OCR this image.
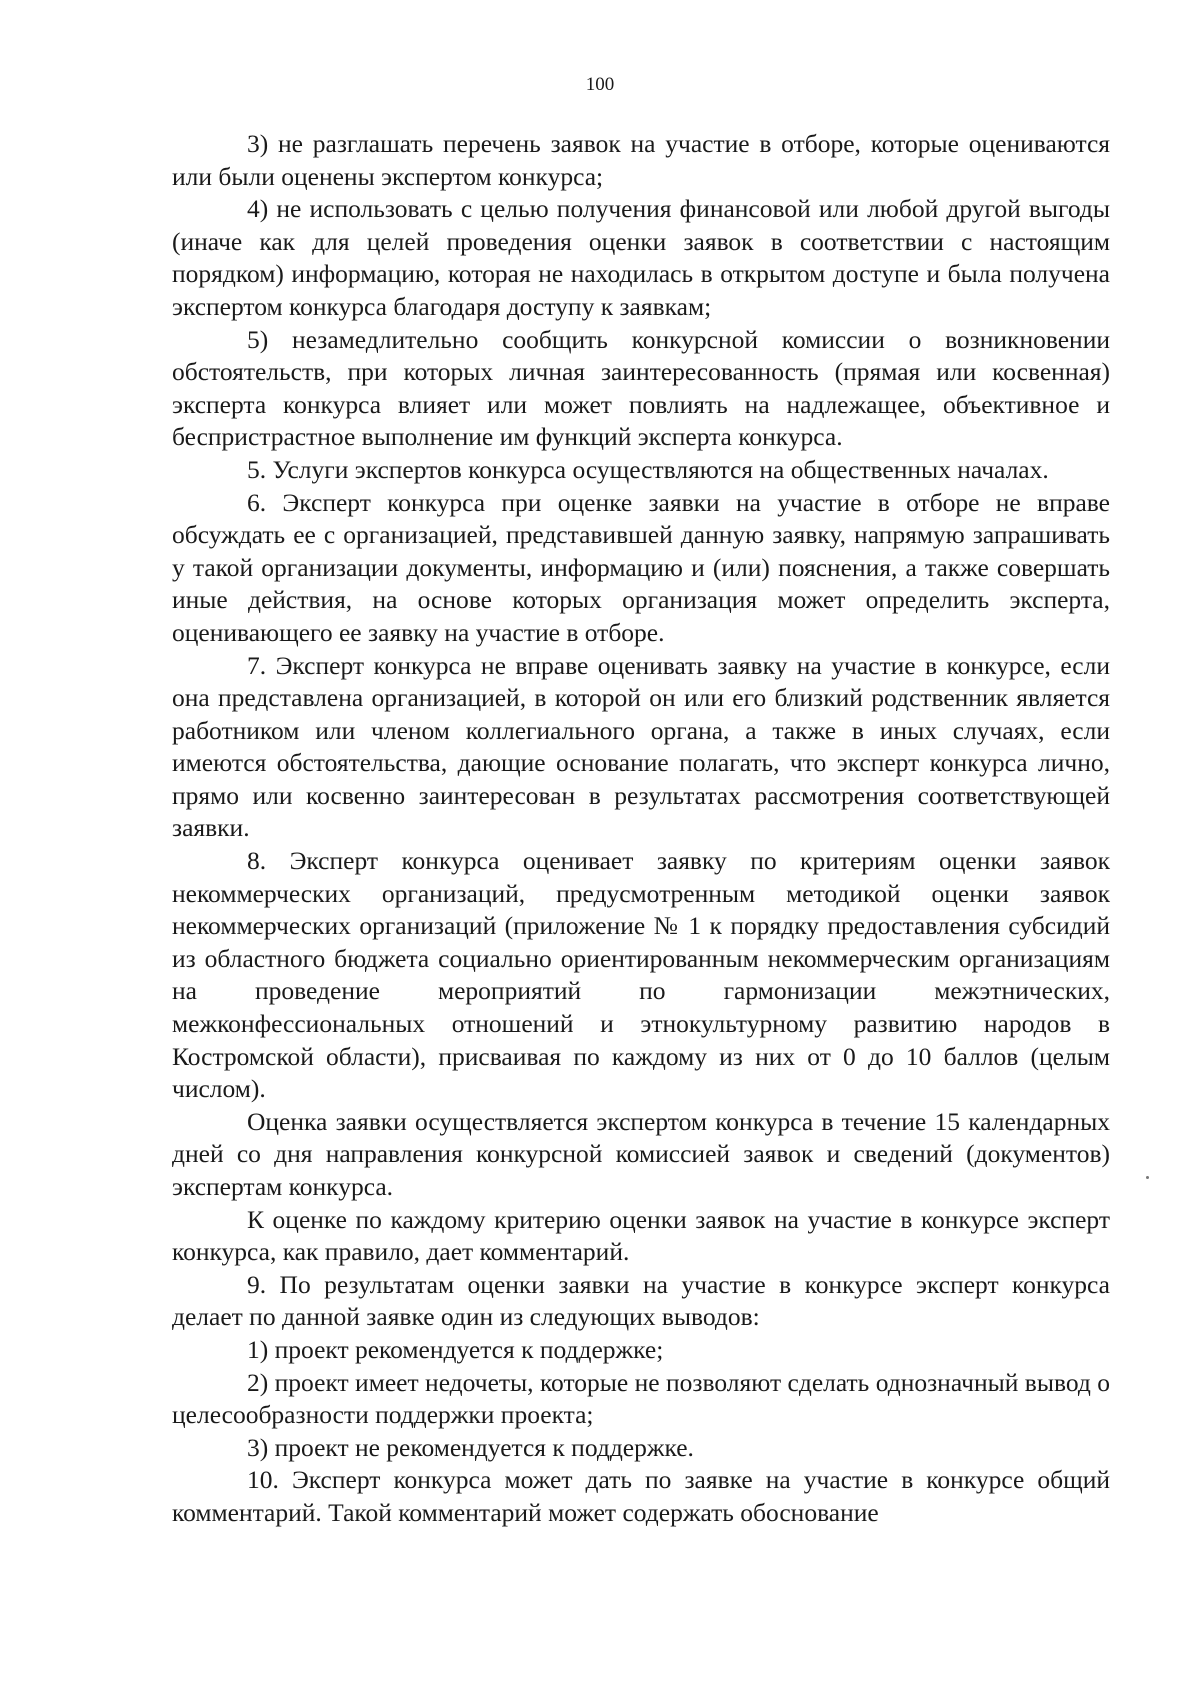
100

3) не разглашать перечень заявок на участие в отборе, которые оцениваются или были оценены экспертом конкурса;

4) не использовать с целью получения финансовой или любой другой выгоды (иначе как для целей проведения оценки заявок в соответствии с настоящим порядком) информацию, которая не находилась в открытом доступе и была получена экспертом конкурса благодаря доступу к заявкам;

5) незамедлительно сообщить конкурсной комиссии о возникновении обстоятельств, при которых личная заинтересованность (прямая или косвенная) эксперта конкурса влияет или может повлиять на надлежащее, объективное и беспристрастное выполнение им функций эксперта конкурса.

5. Услуги экспертов конкурса осуществляются на общественных началах.

6. Эксперт конкурса при оценке заявки на участие в отборе не вправе обсуждать ее с организацией, представившей данную заявку, напрямую запрашивать у такой организации документы, информацию и (или) пояснения, а также совершать иные действия, на основе которых организация может определить эксперта, оценивающего ее заявку на участие в отборе.

7. Эксперт конкурса не вправе оценивать заявку на участие в конкурсе, если она представлена организацией, в которой он или его близкий родственник является работником или членом коллегиального органа, а также в иных случаях, если имеются обстоятельства, дающие основание полагать, что эксперт конкурса лично, прямо или косвенно заинтересован в результатах рассмотрения соответствующей заявки.

8. Эксперт конкурса оценивает заявку по критериям оценки заявок некоммерческих организаций, предусмотренным методикой оценки заявок некоммерческих организаций (приложение № 1 к порядку предоставления субсидий из областного бюджета социально ориентированным некоммерческим организациям на проведение мероприятий по гармонизации межэтнических, межконфессиональных отношений и этнокультурному развитию народов в Костромской области), присваивая по каждому из них от 0 до 10 баллов (целым числом).

Оценка заявки осуществляется экспертом конкурса в течение 15 календарных дней со дня направления конкурсной комиссией заявок и сведений (документов) экспертам конкурса.

К оценке по каждому критерию оценки заявок на участие в конкурсе эксперт конкурса, как правило, дает комментарий.

9. По результатам оценки заявки на участие в конкурсе эксперт конкурса делает по данной заявке один из следующих выводов:

1) проект рекомендуется к поддержке;

2) проект имеет недочеты, которые не позволяют сделать однозначный вывод о целесообразности поддержки проекта;

3) проект не рекомендуется к поддержке.

10. Эксперт конкурса может дать по заявке на участие в конкурсе общий комментарий. Такой комментарий может содержать обоснование
